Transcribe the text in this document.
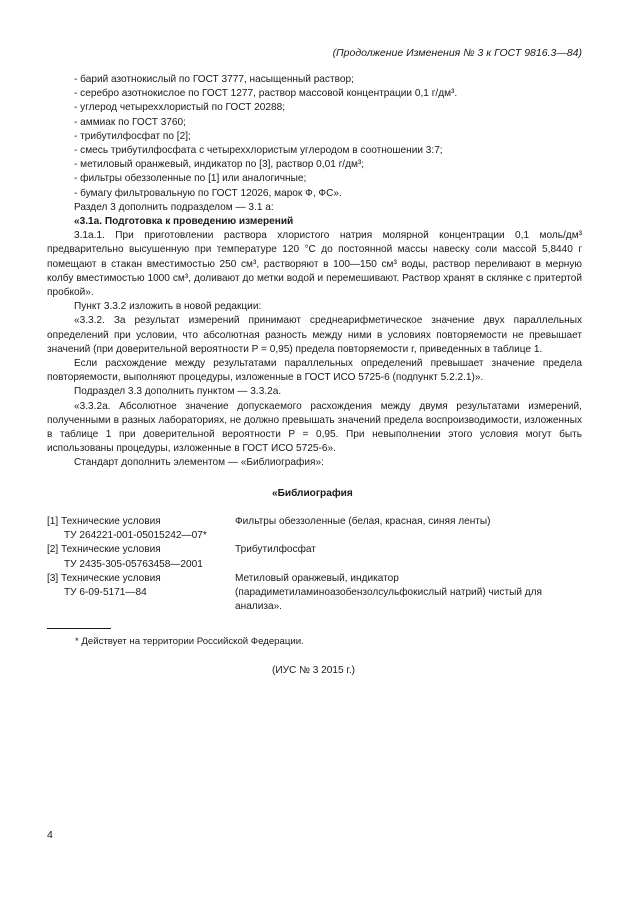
(Продолжение Изменения № 3 к ГОСТ 9816.3—84)

- барий азотнокислый по ГОСТ 3777, насыщенный раствор;

- серебро азотнокислое по ГОСТ 1277, раствор массовой концентрации 0,1 г/дм³.

- углерод четыреххлористый по ГОСТ 20288;

- аммиак по ГОСТ 3760;

- трибутилфосфат по [2];

- смесь трибутилфосфата с четыреххлористым углеродом в соотношении 3:7;

- метиловый оранжевый, индикатор по [3], раствор 0,01 г/дм³;

- фильтры обеззоленные по [1] или аналогичные;

- бумагу фильтровальную по ГОСТ 12026, марок Ф, ФС».

Раздел 3 дополнить подразделом — 3.1 а:

«3.1а. Подготовка к проведению измерений

3.1а.1. При приготовлении раствора хлористого натрия молярной концентрации 0,1 моль/дм³ предварительно высушенную при температуре 120 °С до постоянной массы навеску соли массой 5,8440 г помещают в стакан вместимостью 250 см³, растворяют в 100—150 см³ воды, раствор переливают в мерную колбу вместимостью 1000 см³, доливают до метки водой и перемешивают. Раствор хранят в склянке с притертой пробкой».

Пункт 3.3.2 изложить в новой редакции:

«3.3.2. За результат измерений принимают среднеарифметическое значение двух параллельных определений при условии, что абсолютная разность между ними в условиях повторяемости не превышает значений (при доверительной вероятности P = 0,95) предела повторяемости r, приведенных в таблице 1.

Если расхождение между результатами параллельных определений превышает значение предела повторяемости, выполняют процедуры, изложенные в ГОСТ ИСО 5725-6 (подпункт 5.2.2.1)».

Подраздел 3.3 дополнить пунктом — 3.3.2а.

«3.3.2а. Абсолютное значение допускаемого расхождения между двумя результатами измерений, полученными в разных лабораториях, не должно превышать значений предела воспроизводимости, изложенных в таблице 1 при доверительной вероятности P = 0,95. При невыполнении этого условия могут быть использованы процедуры, изложенные в ГОСТ ИСО 5725-6».

Стандарт дополнить элементом — «Библиография»:

«Библиография

[1] Технические условия
ТУ 264221-001-05015242—07*
Фильтры обеззоленные (белая, красная, синяя ленты)
[2] Технические условия
ТУ 2435-305-05763458—2001
Трибутилфосфат
[3] Технические условия
ТУ 6-09-5171—84
Метиловый оранжевый, индикатор (парадиметиламиноазобензолсульфокислый натрий) чистый для анализа».

* Действует на территории Российской Федерации.

(ИУС № 3 2015 г.)

4
